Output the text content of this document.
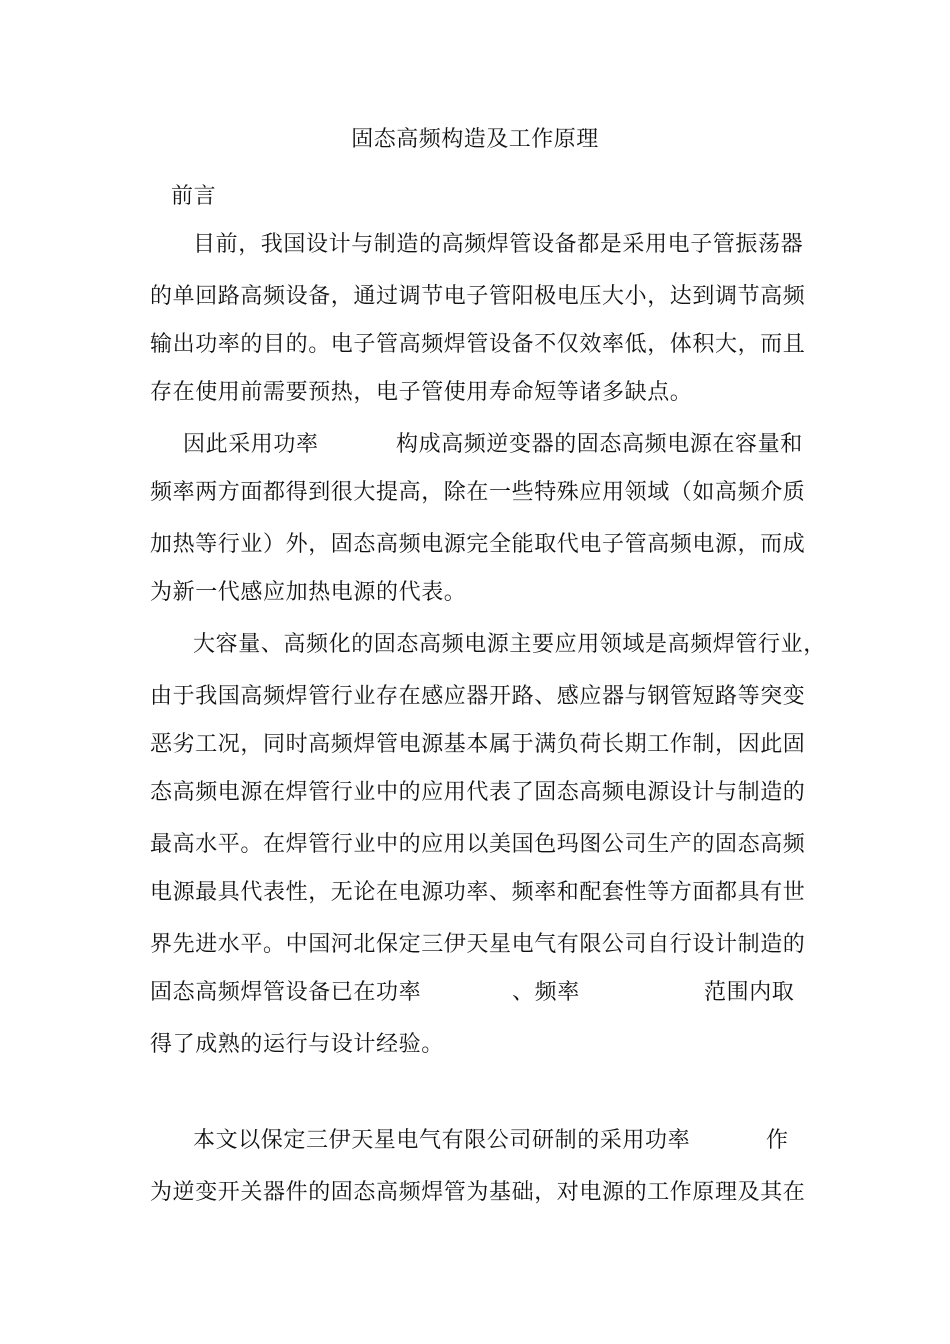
固态高频构造及工作原理
前言
目前，我国设计与制造的高频焊管设备都是采用电子管振荡器
的单回路高频设备，通过调节电子管阳极电压大小，达到调节高频
输出功率的目的。电子管高频焊管设备不仅效率低，体积大，而且
存在使用前需要预热，电子管使用寿命短等诸多缺点。
因此采用功率	构成高频逆变器的固态高频电源在容量和
频率两方面都得到很大提高，除在一些特殊应用领域（如高频介质
加热等行业）外，固态高频电源完全能取代电子管高频电源，而成
为新一代感应加热电源的代表。
大容量、高频化的固态高频电源主要应用领域是高频焊管行业，
由于我国高频焊管行业存在感应器开路、感应器与钢管短路等突变
恶劣工况，同时高频焊管电源基本属于满负荷长期工作制，因此固
态高频电源在焊管行业中的应用代表了固态高频电源设计与制造的
最高水平。在焊管行业中的应用以美国色玛图公司生产的固态高频
电源最具代表性，无论在电源功率、频率和配套性等方面都具有世
界先进水平。中国河北保定三伊天星电气有限公司自行设计制造的
固态高频焊管设备已在功率	、频率	范围内取
得了成熟的运行与设计经验。
本文以保定三伊天星电气有限公司研制的采用功率	作
为逆变开关器件的固态高频焊管为基础，对电源的工作原理及其在
